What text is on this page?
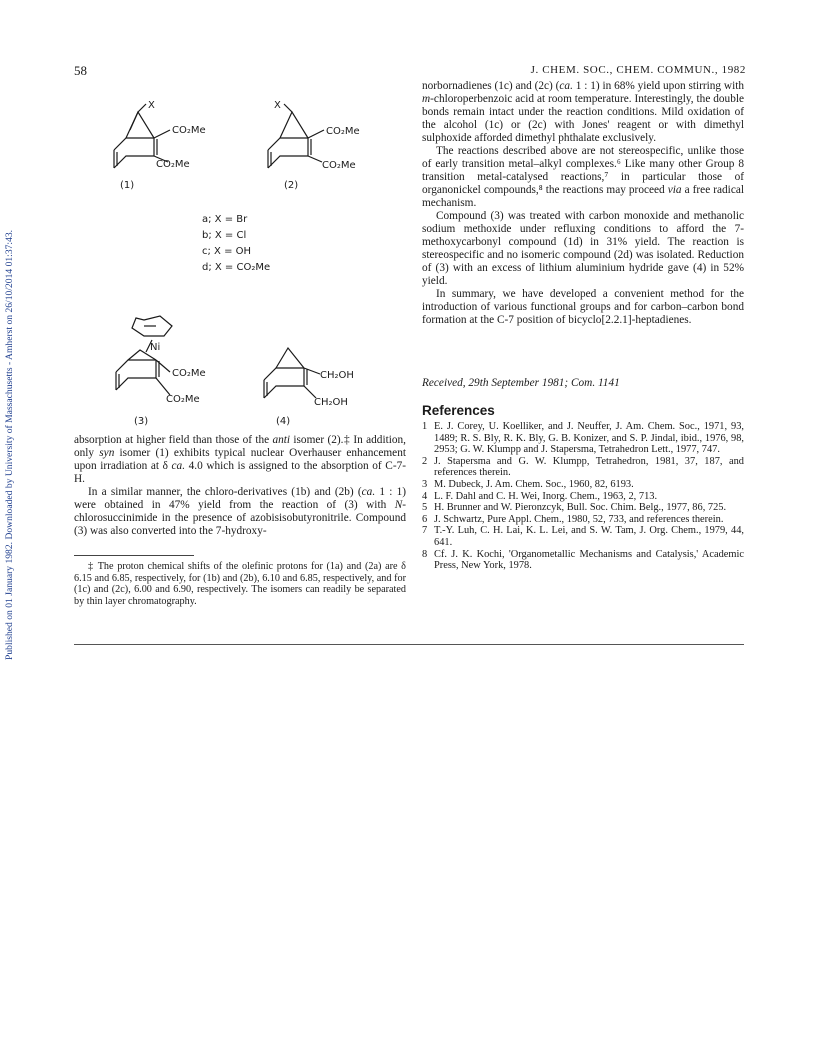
Published on 01 January 1982. Downloaded by University of Massachusetts - Amherst on 26/10/2014 01:37:43.
58	J. CHEM. SOC., CHEM. COMMUN., 1982
X
CO₂Me
CO₂Me
(1)
X
CO₂Me
CO₂Me
(2)
a; X = Br
b; X = Cl
c; X = OH
d; X = CO₂Me
Ni
CO₂Me
CO₂Me
(3)
CH₂OH
CH₂OH
(4)

absorption at higher field than those of the anti isomer (2).‡ In addition, only syn isomer (1) exhibits typical nuclear Overhauser enhancement upon irradiation at δ ca. 4.0 which is assigned to the absorption of C-7-H.

In a similar manner, the chloro-derivatives (1b) and (2b) (ca. 1 : 1) were obtained in 47% yield from the reaction of (3) with N-chlorosuccinimide in the presence of azobisisobutyronitrile. Compound (3) was also converted into the 7-hydroxy-

‡ The proton chemical shifts of the olefinic protons for (1a) and (2a) are δ 6.15 and 6.85, respectively, for (1b) and (2b), 6.10 and 6.85, respectively, and for (1c) and (2c), 6.00 and 6.90, respectively. The isomers can readily be separated by thin layer chromatography.

norbornadienes (1c) and (2c) (ca. 1 : 1) in 68% yield upon stirring with m-chloroperbenzoic acid at room temperature. Interestingly, the double bonds remain intact under the reaction conditions. Mild oxidation of the alcohol (1c) or (2c) with Jones' reagent or with dimethyl sulphoxide afforded dimethyl phthalate exclusively.

The reactions described above are not stereospecific, unlike those of early transition metal–alkyl complexes.⁶ Like many other Group 8 transition metal-catalysed reactions,⁷ in particular those of organonickel compounds,⁸ the reactions may proceed via a free radical mechanism.

Compound (3) was treated with carbon monoxide and methanolic sodium methoxide under refluxing conditions to afford the 7-methoxycarbonyl compound (1d) in 31% yield. The reaction is stereospecific and no isomeric compound (2d) was isolated. Reduction of (3) with an excess of lithium aluminium hydride gave (4) in 52% yield.

In summary, we have developed a convenient method for the introduction of various functional groups and for carbon–carbon bond formation at the C-7 position of bicyclo[2.2.1]-heptadienes.

Received, 29th September 1981; Com. 1141

References

1 E. J. Corey, U. Koelliker, and J. Neuffer, J. Am. Chem. Soc., 1971, 93, 1489; R. S. Bly, R. K. Bly, G. B. Konizer, and S. P. Jindal, ibid., 1976, 98, 2953; G. W. Klumpp and J. Stapersma, Tetrahedron Lett., 1977, 747.
2 J. Stapersma and G. W. Klumpp, Tetrahedron, 1981, 37, 187, and references therein.
3 M. Dubeck, J. Am. Chem. Soc., 1960, 82, 6193.
4 L. F. Dahl and C. H. Wei, Inorg. Chem., 1963, 2, 713.
5 H. Brunner and W. Pieronzcyk, Bull. Soc. Chim. Belg., 1977, 86, 725.
6 J. Schwartz, Pure Appl. Chem., 1980, 52, 733, and references therein.
7 T.-Y. Luh, C. H. Lai, K. L. Lei, and S. W. Tam, J. Org. Chem., 1979, 44, 641.
8 Cf. J. K. Kochi, 'Organometallic Mechanisms and Catalysis,' Academic Press, New York, 1978.
